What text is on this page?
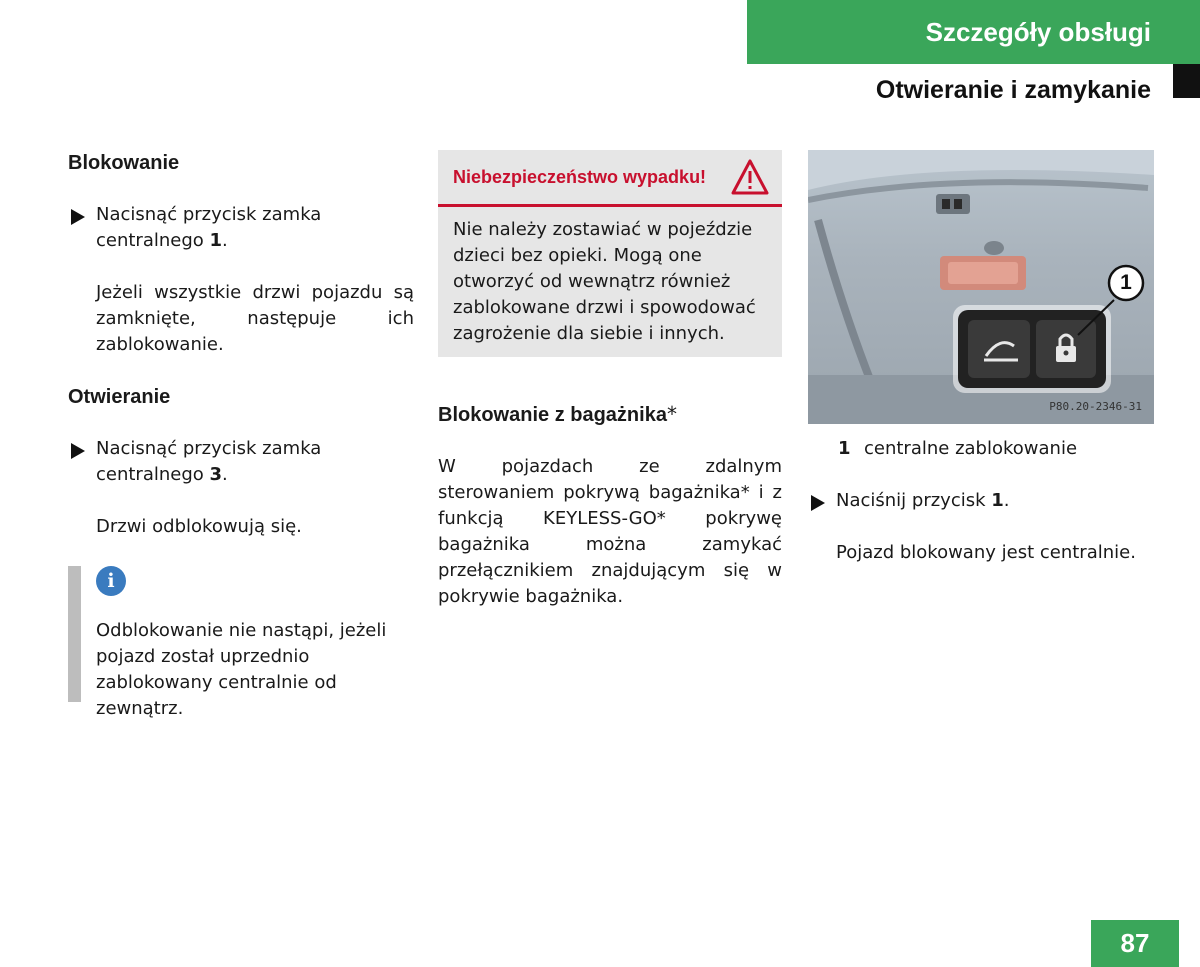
Szczegóły obsługi
Otwieranie i zamykanie
Blokowanie
Nacisnąć przycisk zamka centralnego 1.

Jeżeli wszystkie drzwi pojazdu są zamknięte, następuje ich zablokowanie.

Otwieranie
Nacisnąć przycisk zamka centralnego 3.

Drzwi odblokowują się.

i

Odblokowanie nie nastąpi, jeżeli pojazd został uprzednio zablokowany centralnie od zewnątrz.

Niebezpieczeństwo wypadku!

Nie należy zostawiać w pojeździe dzieci bez opieki. Mogą one otworzyć od wewnątrz również zablokowane drzwi i spowodować zagrożenie dla siebie i innych.

Blokowanie z bagażnika*

W pojazdach ze zdalnym sterowaniem pokrywą bagażnika* i z funkcją KEYLESS-GO* pokrywę bagażnika można zamykać przełącznikiem znajdującym się w pokrywie bagażnika.

1
P80.20-2346-31
1 centralne zablokowanie
Naciśnij przycisk 1.

Pojazd blokowany jest centralnie.

87
